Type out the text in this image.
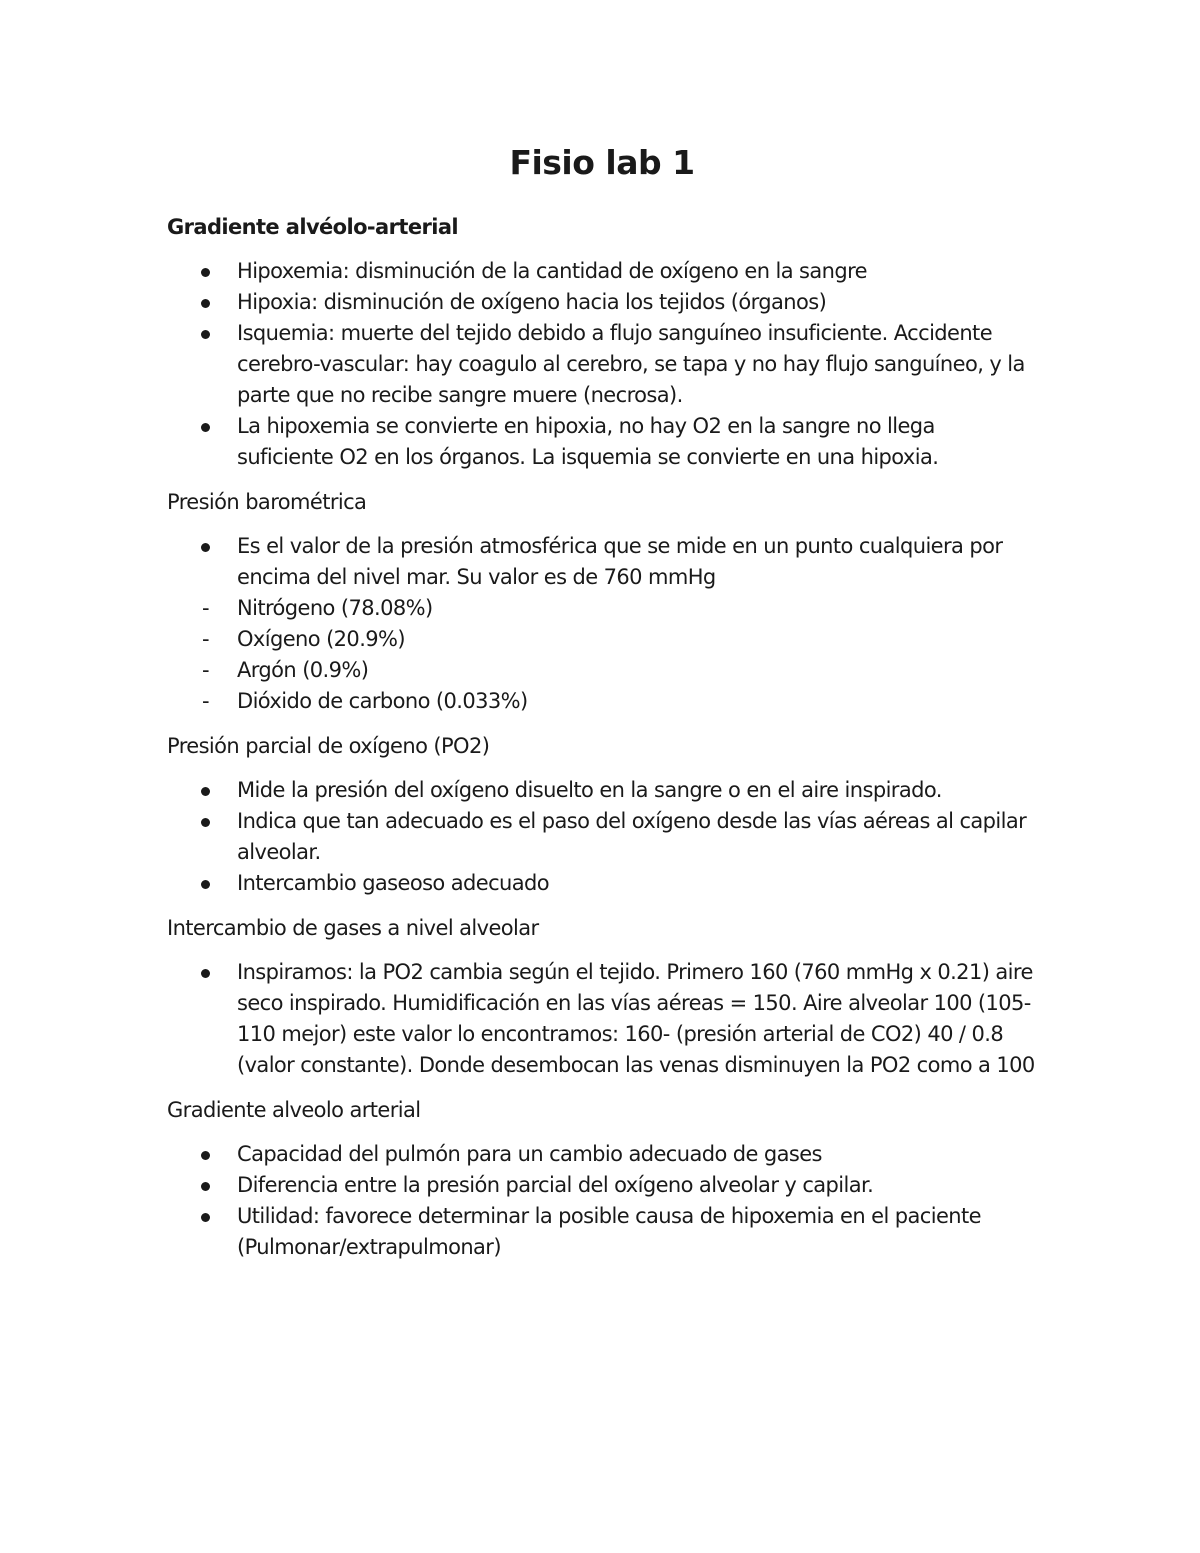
Fisio lab 1
Gradiente alvéolo-arterial
Hipoxemia: disminución de la cantidad de oxígeno en la sangre
Hipoxia: disminución de oxígeno hacia los tejidos (órganos)
Isquemia: muerte del tejido debido a flujo sanguíneo insuficiente. Accidente cerebro-vascular: hay coagulo al cerebro, se tapa y no hay flujo sanguíneo, y la parte que no recibe sangre muere (necrosa).
La hipoxemia se convierte en hipoxia, no hay O2 en la sangre no llega suficiente O2 en los órganos. La isquemia se convierte en una hipoxia.
Presión barométrica
Es el valor de la presión atmosférica que se mide en un punto cualquiera por encima del nivel mar. Su valor es de 760 mmHg
- Nitrógeno (78.08%)
- Oxígeno (20.9%)
- Argón (0.9%)
- Dióxido de carbono (0.033%)
Presión parcial de oxígeno (PO2)
Mide la presión del oxígeno disuelto en la sangre o en el aire inspirado.
Indica que tan adecuado es el paso del oxígeno desde las vías aéreas al capilar alveolar.
Intercambio gaseoso adecuado
Intercambio de gases a nivel alveolar
Inspiramos: la PO2 cambia según el tejido. Primero 160 (760 mmHg x 0.21) aire seco inspirado. Humidificación en las vías aéreas = 150. Aire alveolar 100 (105-110 mejor) este valor lo encontramos: 160- (presión arterial de CO2) 40 / 0.8 (valor constante). Donde desembocan las venas disminuyen la PO2 como a 100
Gradiente alveolo arterial
Capacidad del pulmón para un cambio adecuado de gases
Diferencia entre la presión parcial del oxígeno alveolar y capilar.
Utilidad: favorece determinar la posible causa de hipoxemia en el paciente (Pulmonar/extrapulmonar)
